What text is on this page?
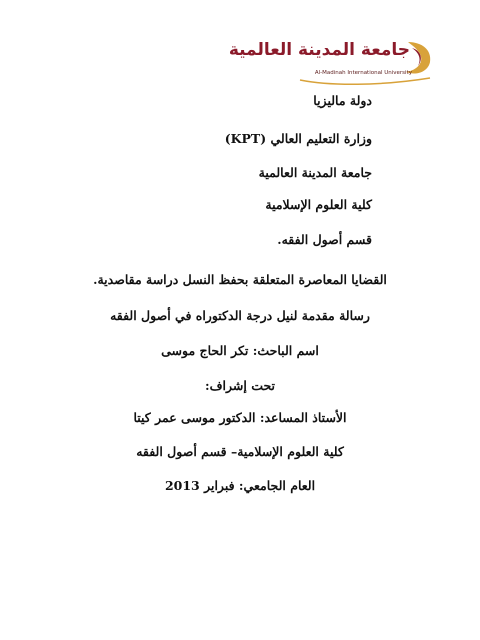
جامعة المدينة العالمية
Al-Madinah International University
دولة ماليزيا
وزارة التعليم العالي (KPT)
جامعة المدينة العالمية
كلية العلوم الإسلامية
قسم أصول الفقه.
القضايا المعاصرة المتعلقة بحفظ النسل دراسة مقاصدية.
رسالة مقدمة لنيل درجة الدكتوراه في أصول الفقه
اسم الباحث: تكر الحاج موسى
تحت إشراف:
الأستاذ المساعد: الدكتور موسى عمر كيتا
كلية العلوم الإسلامية– قسم أصول الفقه
العام الجامعي: فبراير 2013
